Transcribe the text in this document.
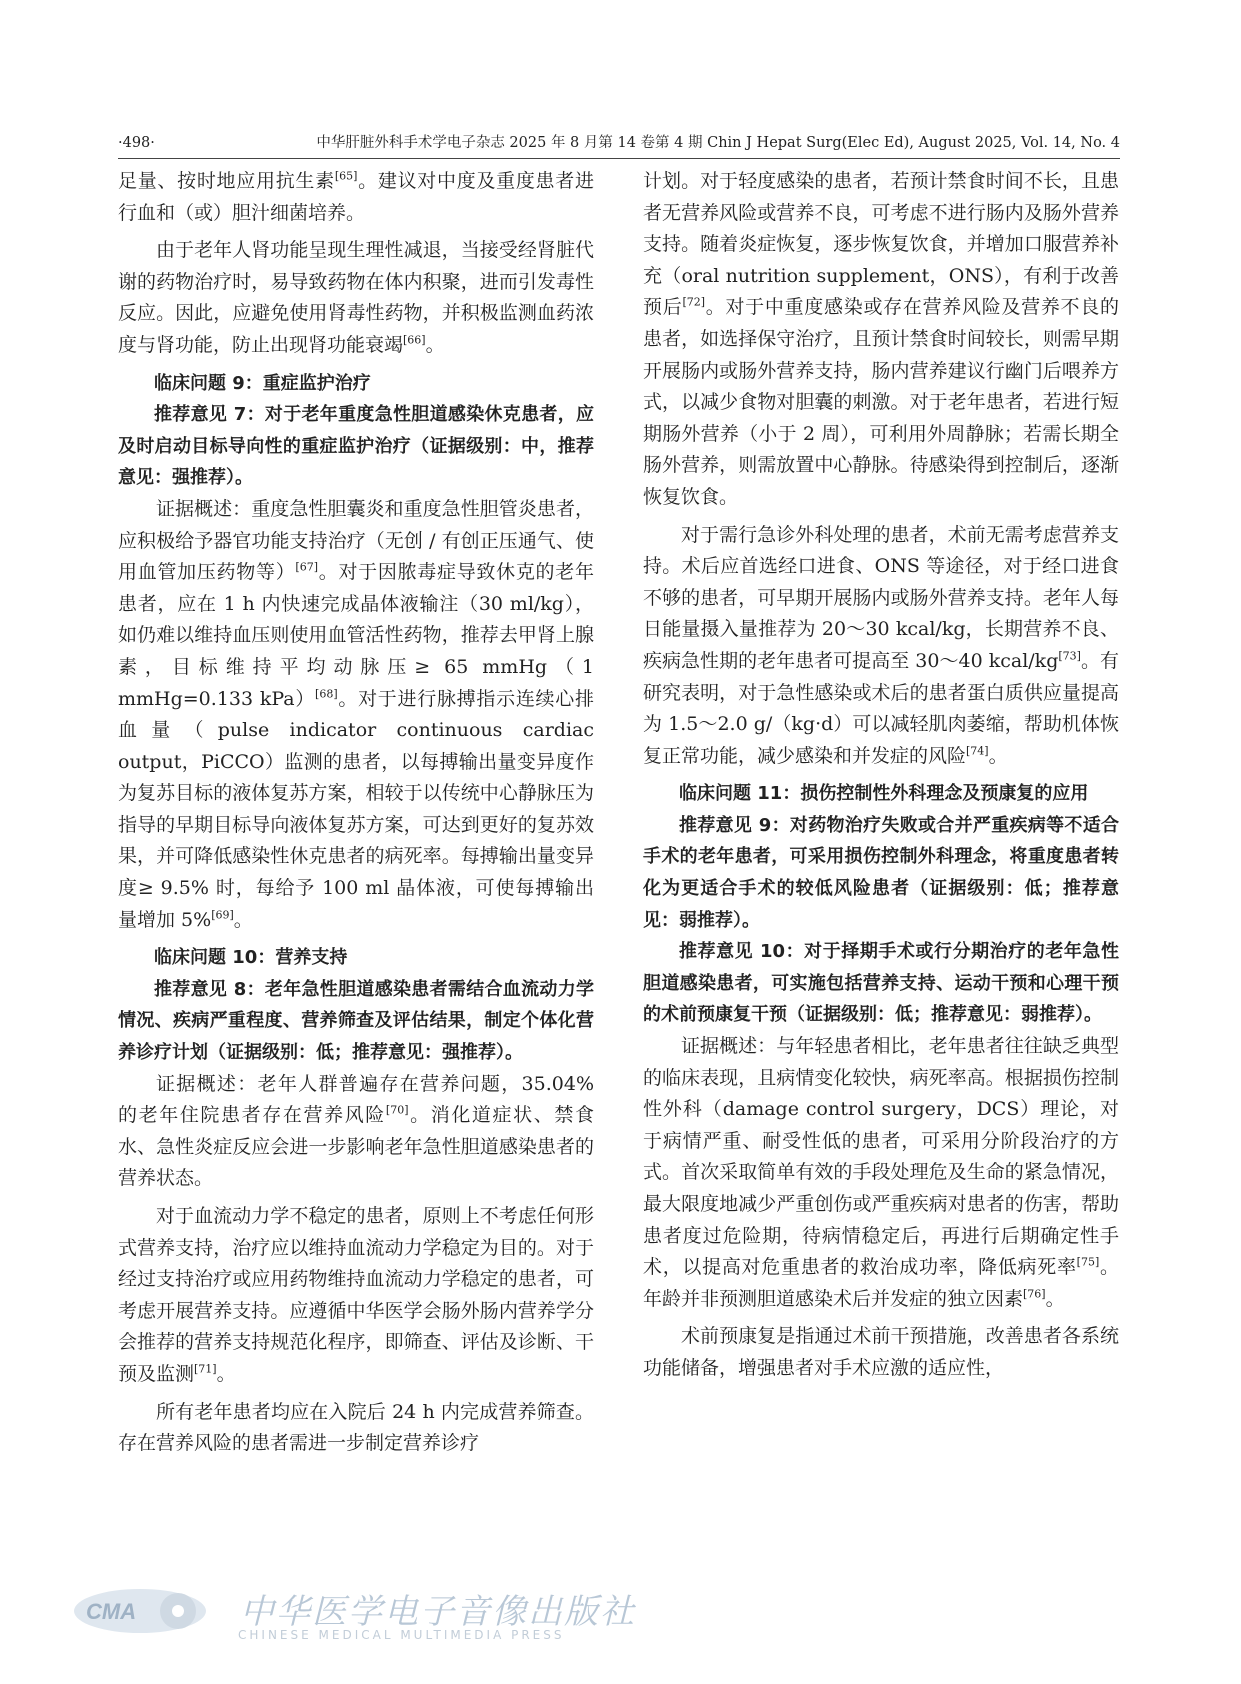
·498·	中华肝脏外科手术学电子杂志 2025 年 8 月第 14 卷第 4 期 Chin J Hepat Surg(Elec Ed), August 2025, Vol. 14, No. 4

足量、按时地应用抗生素[65]。建议对中度及重度患者进行血和（或）胆汁细菌培养。

由于老年人肾功能呈现生理性减退，当接受经肾脏代谢的药物治疗时，易导致药物在体内积聚，进而引发毒性反应。因此，应避免使用肾毒性药物，并积极监测血药浓度与肾功能，防止出现肾功能衰竭[66]。

临床问题 9：重症监护治疗

推荐意见 7：对于老年重度急性胆道感染休克患者，应及时启动目标导向性的重症监护治疗（证据级别：中，推荐意见：强推荐）。

证据概述：重度急性胆囊炎和重度急性胆管炎患者，应积极给予器官功能支持治疗（无创 / 有创正压通气、使用血管加压药物等）[67]。对于因脓毒症导致休克的老年患者，应在 1 h 内快速完成晶体液输注（30 ml/kg），如仍难以维持血压则使用血管活性药物，推荐去甲肾上腺素，目标维持平均动脉压≥ 65 mmHg（1 mmHg=0.133 kPa）[68]。对于进行脉搏指示连续心排血量（pulse indicator continuous cardiac output，PiCCO）监测的患者，以每搏输出量变异度作为复苏目标的液体复苏方案，相较于以传统中心静脉压为指导的早期目标导向液体复苏方案，可达到更好的复苏效果，并可降低感染性休克患者的病死率。每搏输出量变异度≥ 9.5% 时，每给予 100 ml 晶体液，可使每搏输出量增加 5%[69]。

临床问题 10：营养支持

推荐意见 8：老年急性胆道感染患者需结合血流动力学情况、疾病严重程度、营养筛查及评估结果，制定个体化营养诊疗计划（证据级别：低；推荐意见：强推荐）。

证据概述：老年人群普遍存在营养问题，35.04% 的老年住院患者存在营养风险[70]。消化道症状、禁食水、急性炎症反应会进一步影响老年急性胆道感染患者的营养状态。

对于血流动力学不稳定的患者，原则上不考虑任何形式营养支持，治疗应以维持血流动力学稳定为目的。对于经过支持治疗或应用药物维持血流动力学稳定的患者，可考虑开展营养支持。应遵循中华医学会肠外肠内营养学分会推荐的营养支持规范化程序，即筛查、评估及诊断、干预及监测[71]。

所有老年患者均应在入院后 24 h 内完成营养筛查。存在营养风险的患者需进一步制定营养诊疗

计划。对于轻度感染的患者，若预计禁食时间不长，且患者无营养风险或营养不良，可考虑不进行肠内及肠外营养支持。随着炎症恢复，逐步恢复饮食，并增加口服营养补充（oral nutrition supplement，ONS），有利于改善预后[72]。对于中重度感染或存在营养风险及营养不良的患者，如选择保守治疗，且预计禁食时间较长，则需早期开展肠内或肠外营养支持，肠内营养建议行幽门后喂养方式，以减少食物对胆囊的刺激。对于老年患者，若进行短期肠外营养（小于 2 周），可利用外周静脉；若需长期全肠外营养，则需放置中心静脉。待感染得到控制后，逐渐恢复饮食。

对于需行急诊外科处理的患者，术前无需考虑营养支持。术后应首选经口进食、ONS 等途径，对于经口进食不够的患者，可早期开展肠内或肠外营养支持。老年人每日能量摄入量推荐为 20～30 kcal/kg，长期营养不良、疾病急性期的老年患者可提高至 30～40 kcal/kg[73]。有研究表明，对于急性感染或术后的患者蛋白质供应量提高为 1.5～2.0 g/（kg·d）可以减轻肌肉萎缩，帮助机体恢复正常功能，减少感染和并发症的风险[74]。

临床问题 11：损伤控制性外科理念及预康复的应用

推荐意见 9：对药物治疗失败或合并严重疾病等不适合手术的老年患者，可采用损伤控制外科理念，将重度患者转化为更适合手术的较低风险患者（证据级别：低；推荐意见：弱推荐）。

推荐意见 10：对于择期手术或行分期治疗的老年急性胆道感染患者，可实施包括营养支持、运动干预和心理干预的术前预康复干预（证据级别：低；推荐意见：弱推荐）。

证据概述：与年轻患者相比，老年患者往往缺乏典型的临床表现，且病情变化较快，病死率高。根据损伤控制性外科（damage control surgery，DCS）理论，对于病情严重、耐受性低的患者，可采用分阶段治疗的方式。首次采取简单有效的手段处理危及生命的紧急情况，最大限度地减少严重创伤或严重疾病对患者的伤害，帮助患者度过危险期，待病情稳定后，再进行后期确定性手术，以提高对危重患者的救治成功率，降低病死率[75]。年龄并非预测胆道感染术后并发症的独立因素[76]。

术前预康复是指通过术前干预措施，改善患者各系统功能储备，增强患者对手术应激的适应性，

CMA	中华医学电子音像出版社
CHINESE MEDICAL MULTIMEDIA PRESS
